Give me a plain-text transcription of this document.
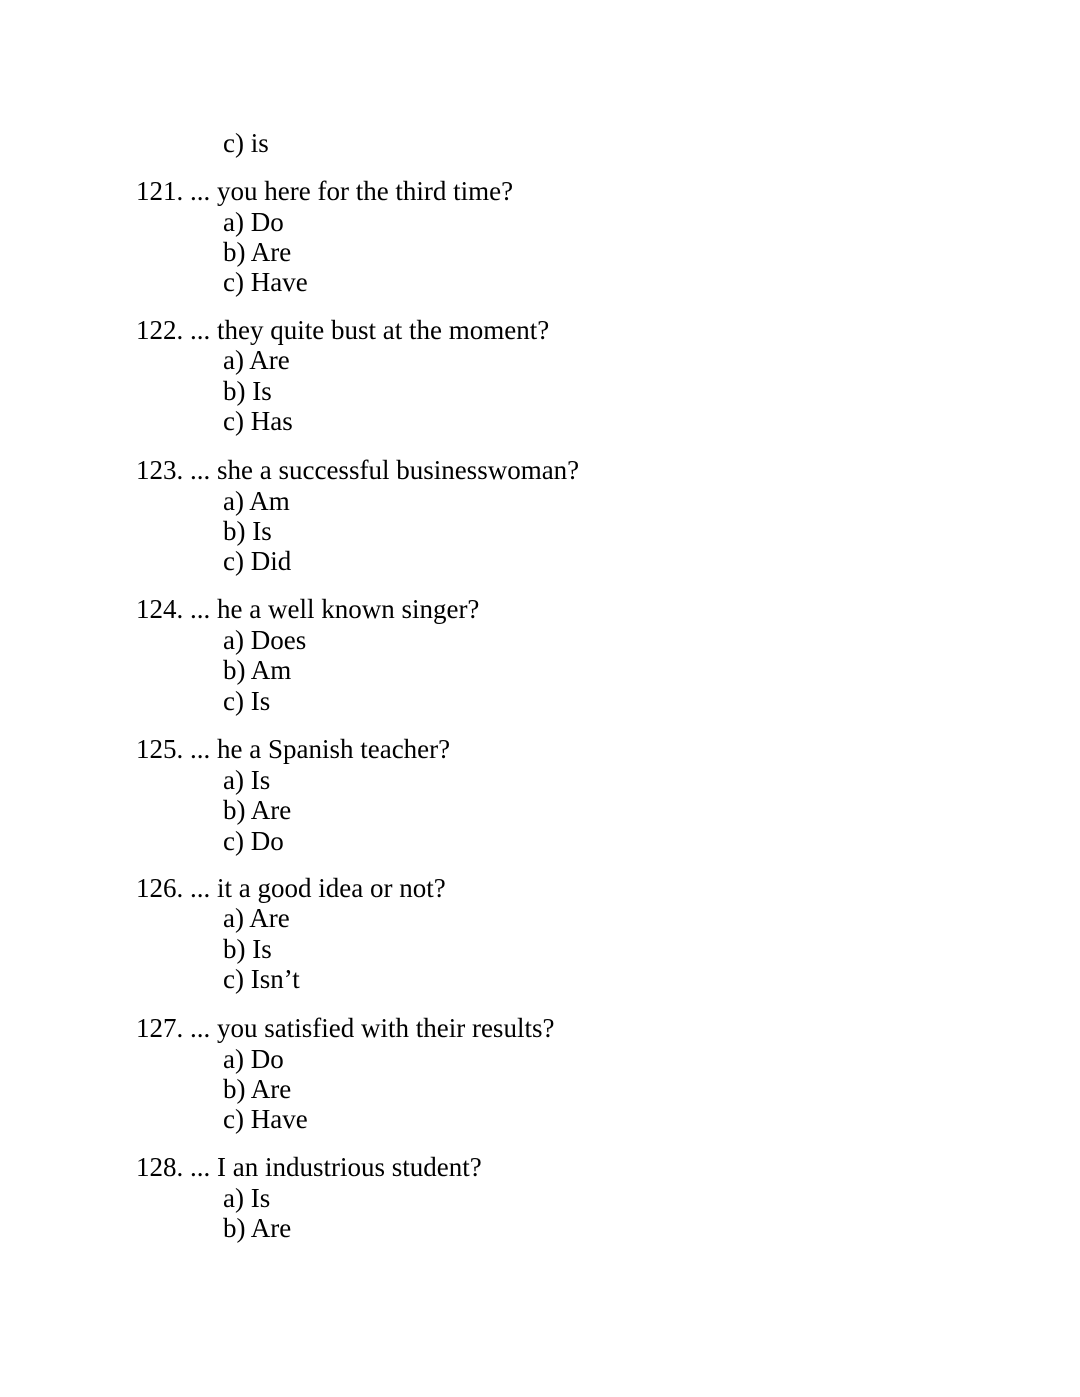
c) is
121. ... you here for the third time?
a) Do
b) Are
c) Have
122. ... they quite bust at the moment?
a) Are
b) Is
c) Has
123. ... she a successful businesswoman?
a) Am
b) Is
c) Did
124. ... he a well known singer?
a) Does
b) Am
c) Is
125. ... he a Spanish teacher?
a) Is
b) Are
c) Do
126. ... it a good idea or not?
a) Are
b) Is
c) Isn’t
127. ... you satisfied with their results?
a) Do
b) Are
c) Have
128. ... I an industrious student?
a) Is
b) Are
